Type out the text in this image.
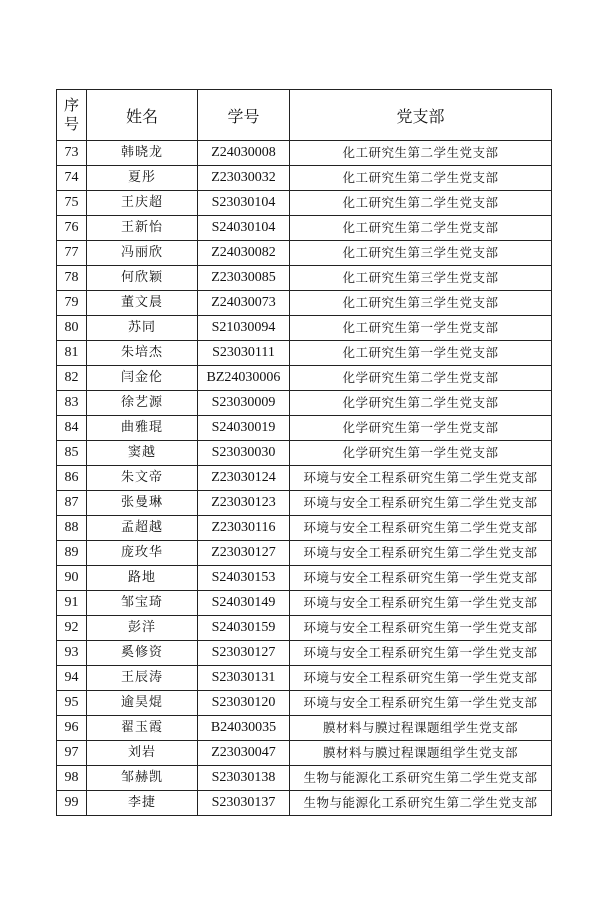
序号	姓名	学号	党支部
73	韩晓龙	Z24030008	化工研究生第二学生党支部
74	夏彤	Z23030032	化工研究生第二学生党支部
75	王庆超	S23030104	化工研究生第二学生党支部
76	王新怡	S24030104	化工研究生第二学生党支部
77	冯丽欣	Z24030082	化工研究生第三学生党支部
78	何欣颖	Z23030085	化工研究生第三学生党支部
79	董文晨	Z24030073	化工研究生第三学生党支部
80	苏同	S21030094	化工研究生第一学生党支部
81	朱培杰	S23030111	化工研究生第一学生党支部
82	闫金伦	BZ24030006	化学研究生第二学生党支部
83	徐艺源	S23030009	化学研究生第二学生党支部
84	曲雅琨	S24030019	化学研究生第一学生党支部
85	窦越	S23030030	化学研究生第一学生党支部
86	朱文帝	Z23030124	环境与安全工程系研究生第二学生党支部
87	张曼琳	Z23030123	环境与安全工程系研究生第二学生党支部
88	孟超越	Z23030116	环境与安全工程系研究生第二学生党支部
89	庞玫华	Z23030127	环境与安全工程系研究生第二学生党支部
90	路地	S24030153	环境与安全工程系研究生第一学生党支部
91	邹宝琦	S24030149	环境与安全工程系研究生第一学生党支部
92	彭洋	S24030159	环境与安全工程系研究生第一学生党支部
93	奚修资	S23030127	环境与安全工程系研究生第一学生党支部
94	王辰涛	S23030131	环境与安全工程系研究生第一学生党支部
95	逾昊焜	S23030120	环境与安全工程系研究生第一学生党支部
96	翟玉霞	B24030035	膜材料与膜过程课题组学生党支部
97	刘岩	Z23030047	膜材料与膜过程课题组学生党支部
98	邹赫凯	S23030138	生物与能源化工系研究生第二学生党支部
99	李捷	S23030137	生物与能源化工系研究生第二学生党支部
